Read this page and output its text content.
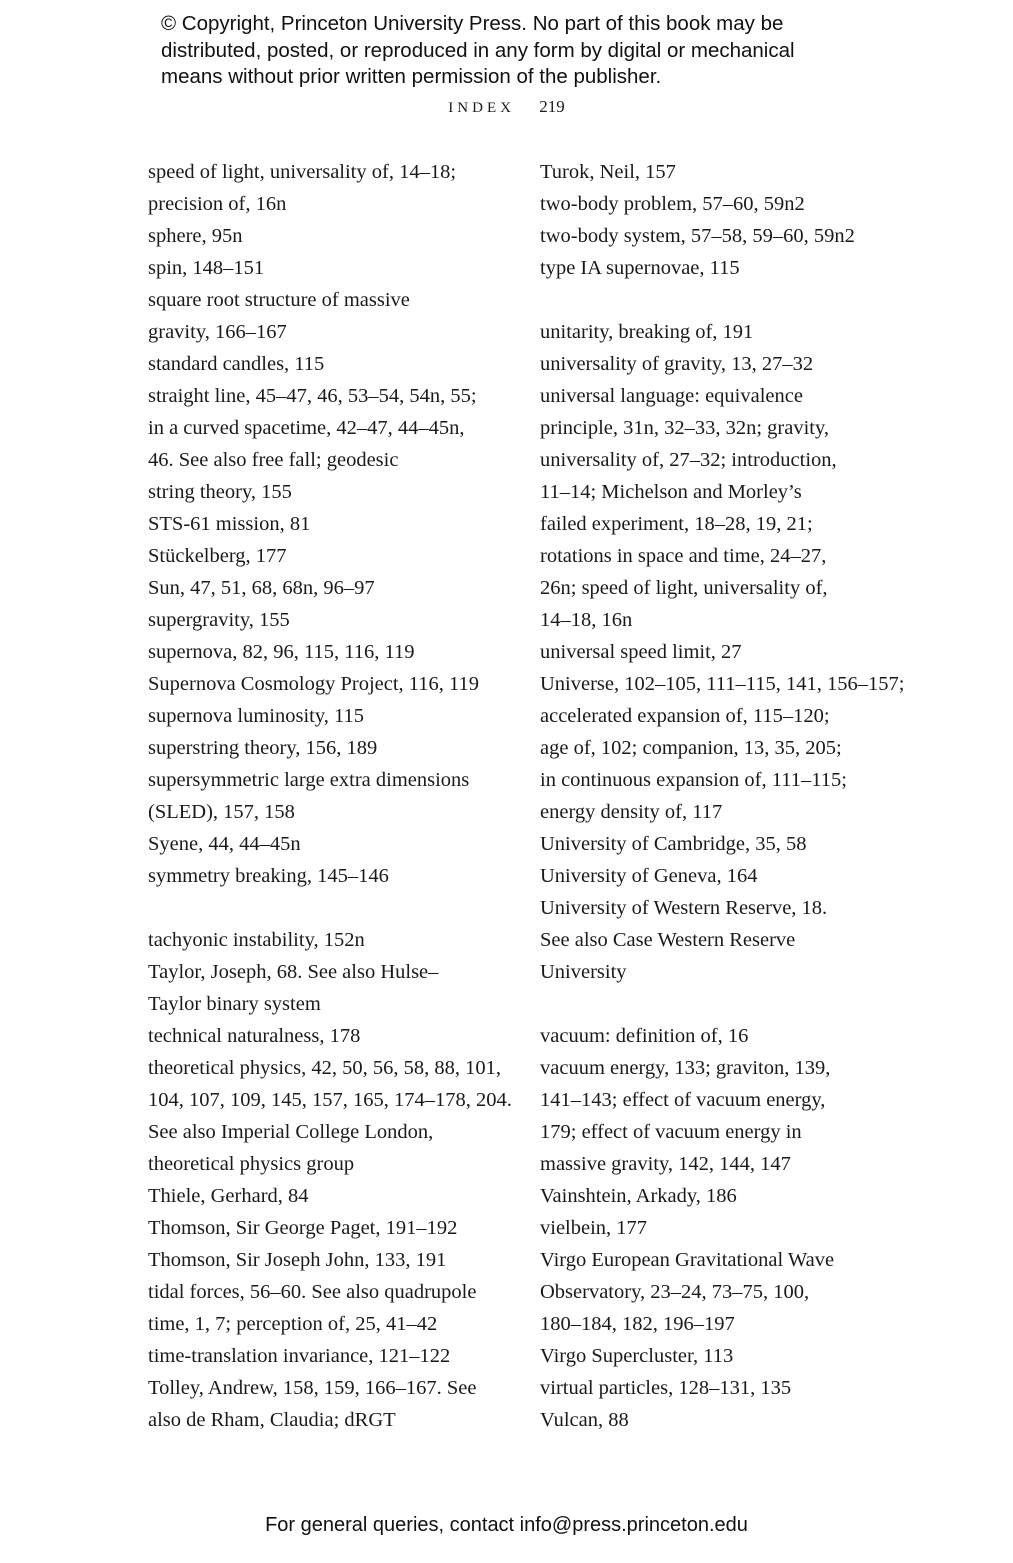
© Copyright, Princeton University Press. No part of this book may be
distributed, posted, or reproduced in any form by digital or mechanical
means without prior written permission of the publisher.
INDEX 219
speed of light, universality of, 14–18;
precision of, 16n
sphere, 95n
spin, 148–151
square root structure of massive
gravity, 166–167
standard candles, 115
straight line, 45–47, 46, 53–54, 54n, 55;
in a curved spacetime, 42–47, 44–45n,
46. See also free fall; geodesic
string theory, 155
STS-61 mission, 81
Stückelberg, 177
Sun, 47, 51, 68, 68n, 96–97
supergravity, 155
supernova, 82, 96, 115, 116, 119
Supernova Cosmology Project, 116, 119
supernova luminosity, 115
superstring theory, 156, 189
supersymmetric large extra dimensions
(SLED), 157, 158
Syene, 44, 44–45n
symmetry breaking, 145–146
tachyonic instability, 152n
Taylor, Joseph, 68. See also Hulse–
Taylor binary system
technical naturalness, 178
theoretical physics, 42, 50, 56, 58, 88, 101,
104, 107, 109, 145, 157, 165, 174–178, 204.
See also Imperial College London,
theoretical physics group
Thiele, Gerhard, 84
Thomson, Sir George Paget, 191–192
Thomson, Sir Joseph John, 133, 191
tidal forces, 56–60. See also quadrupole
time, 1, 7; perception of, 25, 41–42
time-translation invariance, 121–122
Tolley, Andrew, 158, 159, 166–167. See
also de Rham, Claudia; dRGT
Turok, Neil, 157
two-body problem, 57–60, 59n2
two-body system, 57–58, 59–60, 59n2
type IA supernovae, 115
unitarity, breaking of, 191
universality of gravity, 13, 27–32
universal language: equivalence
principle, 31n, 32–33, 32n; gravity,
universality of, 27–32; introduction,
11–14; Michelson and Morley’s
failed experiment, 18–28, 19, 21;
rotations in space and time, 24–27,
26n; speed of light, universality of,
14–18, 16n
universal speed limit, 27
Universe, 102–105, 111–115, 141, 156–157;
accelerated expansion of, 115–120;
age of, 102; companion, 13, 35, 205;
in continuous expansion of, 111–115;
energy density of, 117
University of Cambridge, 35, 58
University of Geneva, 164
University of Western Reserve, 18.
See also Case Western Reserve
University
vacuum: definition of, 16
vacuum energy, 133; graviton, 139,
141–143; effect of vacuum energy,
179; effect of vacuum energy in
massive gravity, 142, 144, 147
Vainshtein, Arkady, 186
vielbein, 177
Virgo European Gravitational Wave
Observatory, 23–24, 73–75, 100,
180–184, 182, 196–197
Virgo Supercluster, 113
virtual particles, 128–131, 135
Vulcan, 88
For general queries, contact info@press.princeton.edu
